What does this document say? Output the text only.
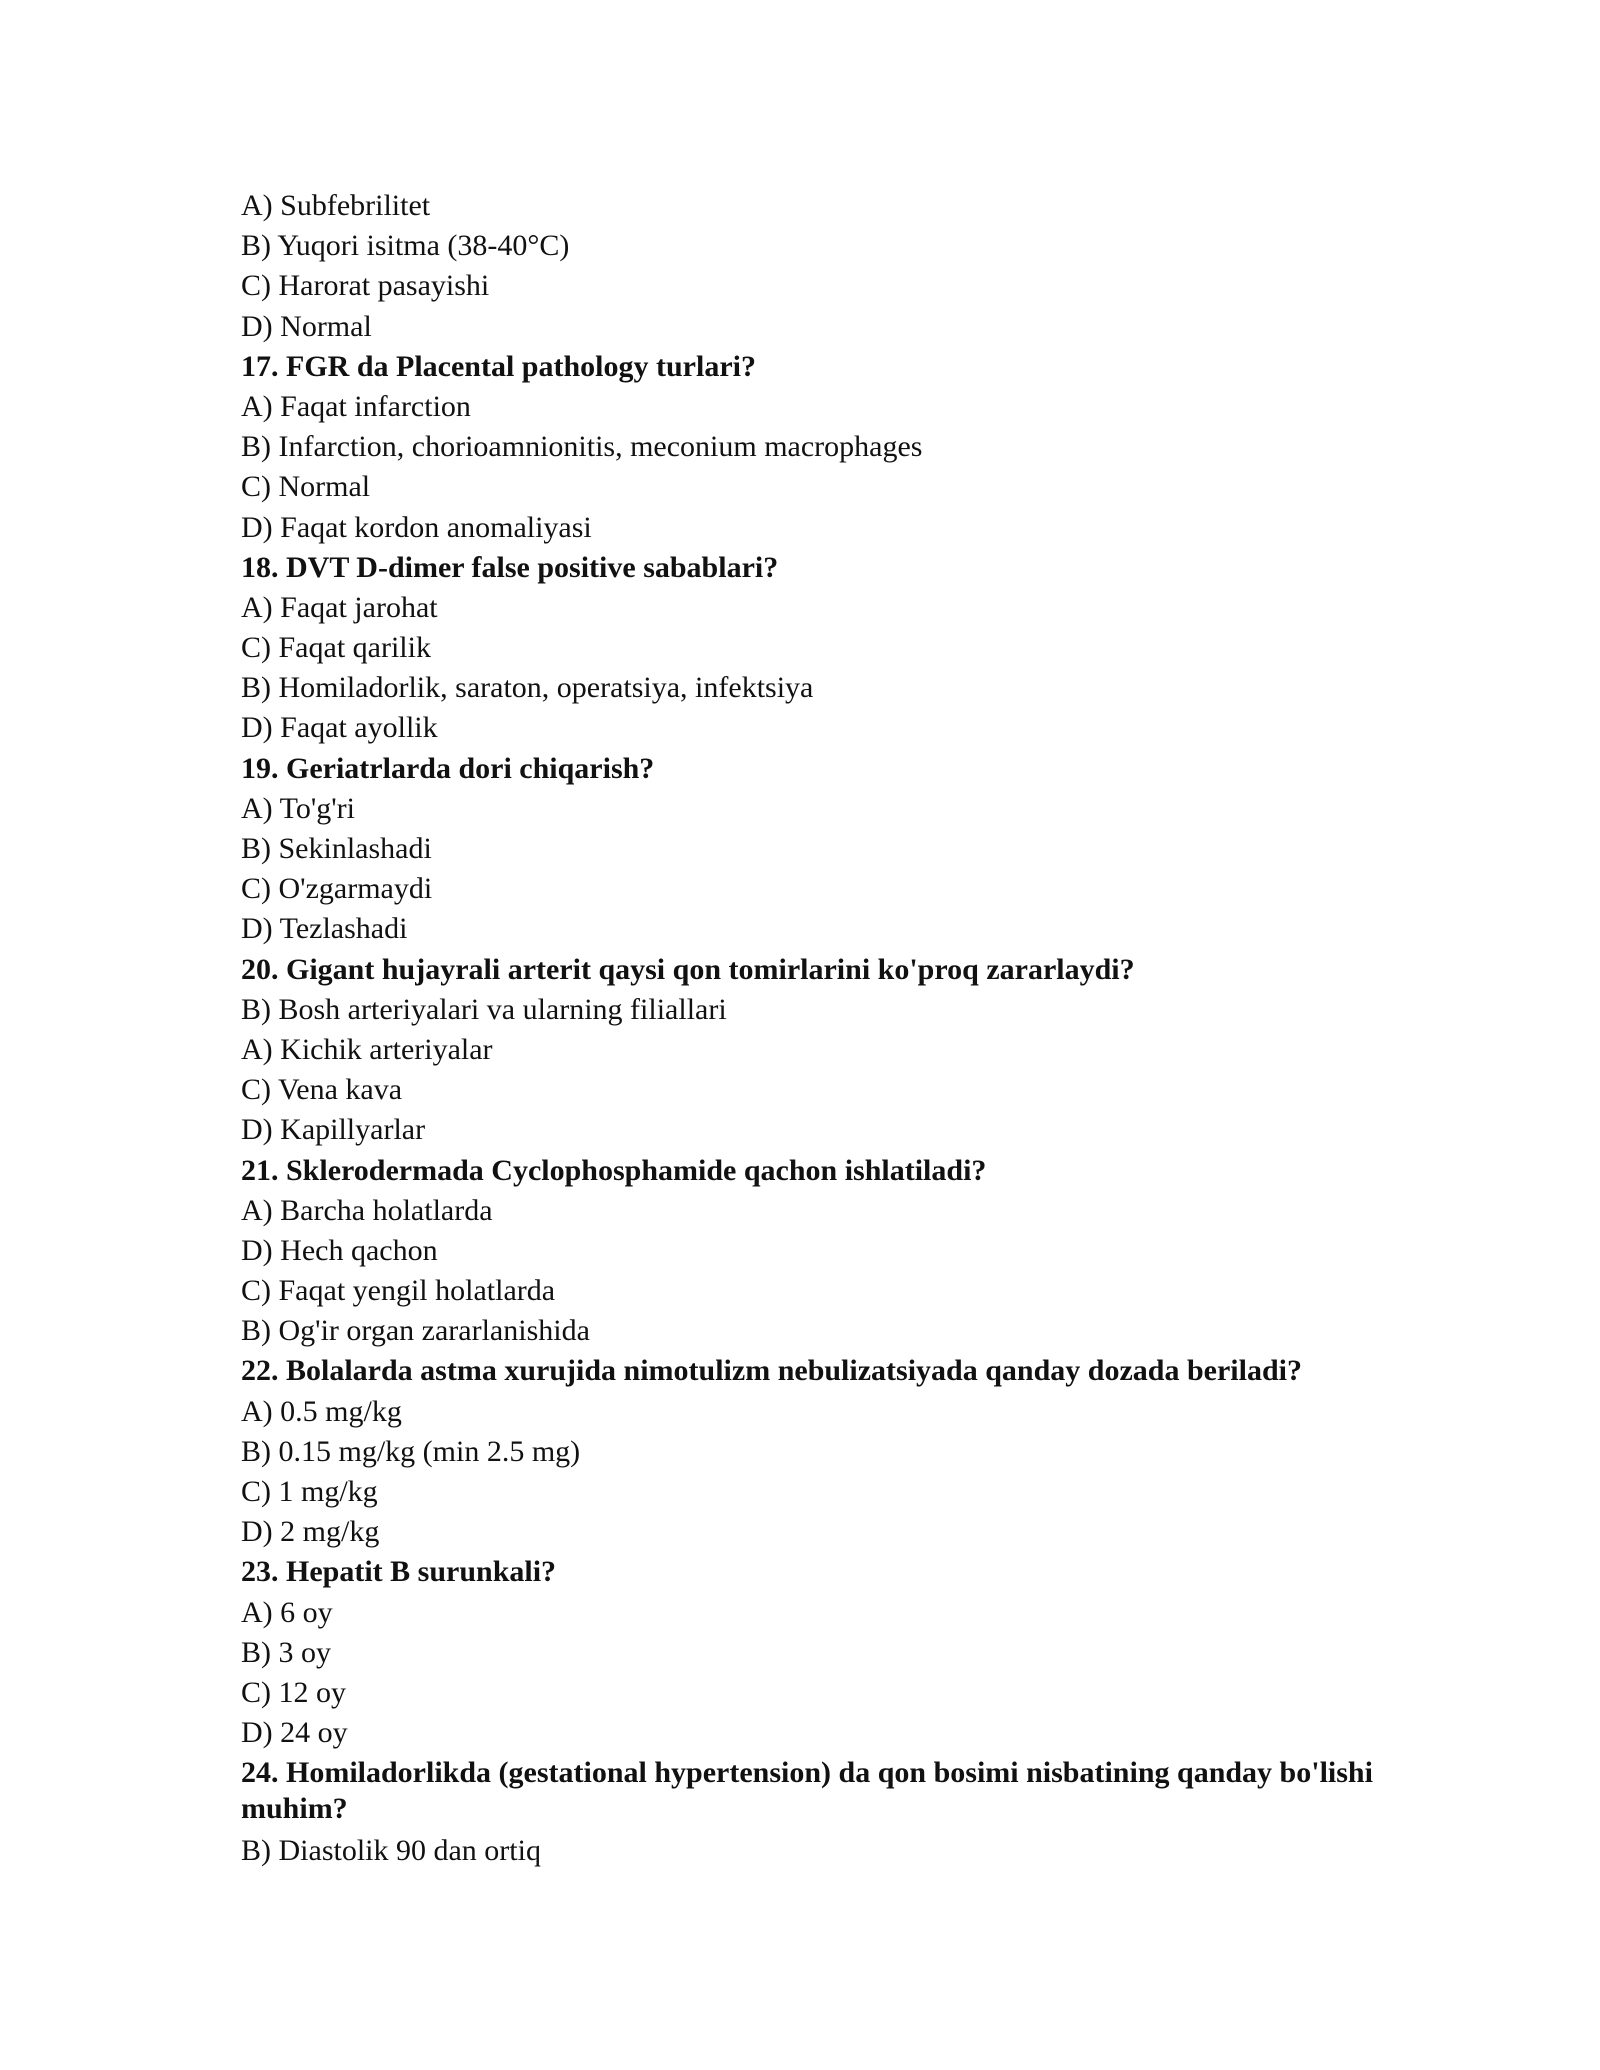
A) Subfebrilitet
B) Yuqori isitma (38-40°C)
C) Harorat pasayishi
D) Normal
17. FGR da Placental pathology turlari?
A) Faqat infarction
B) Infarction, chorioamnionitis, meconium macrophages
C) Normal
D) Faqat kordon anomaliyasi
18. DVT D-dimer false positive sabablari?
A) Faqat jarohat
C) Faqat qarilik
B) Homiladorlik, saraton, operatsiya, infektsiya
D) Faqat ayollik
19. Geriatrlarda dori chiqarish?
A) To'g'ri
B) Sekinlashadi
C) O'zgarmaydi
D) Tezlashadi
20. Gigant hujayrali arterit qaysi qon tomirlarini ko'proq zararlaydi?
B) Bosh arteriyalari va ularning filiallari
A) Kichik arteriyalar
C) Vena kava
D) Kapillyarlar
21. Sklerodermada Cyclophosphamide qachon ishlatiladi?
A) Barcha holatlarda
D) Hech qachon
C) Faqat yengil holatlarda
B) Og'ir organ zararlanishida
22. Bolalarda astma xurujida nimotulizm nebulizatsiyada qanday dozada beriladi?
A) 0.5 mg/kg
B) 0.15 mg/kg (min 2.5 mg)
C) 1 mg/kg
D) 2 mg/kg
23. Hepatit B surunkali?
A) 6 oy
B) 3 oy
C) 12 oy
D) 24 oy
24. Homiladorlikda (gestational hypertension) da qon bosimi nisbatining qanday bo'lishi muhim?
B) Diastolik 90 dan ortiq
